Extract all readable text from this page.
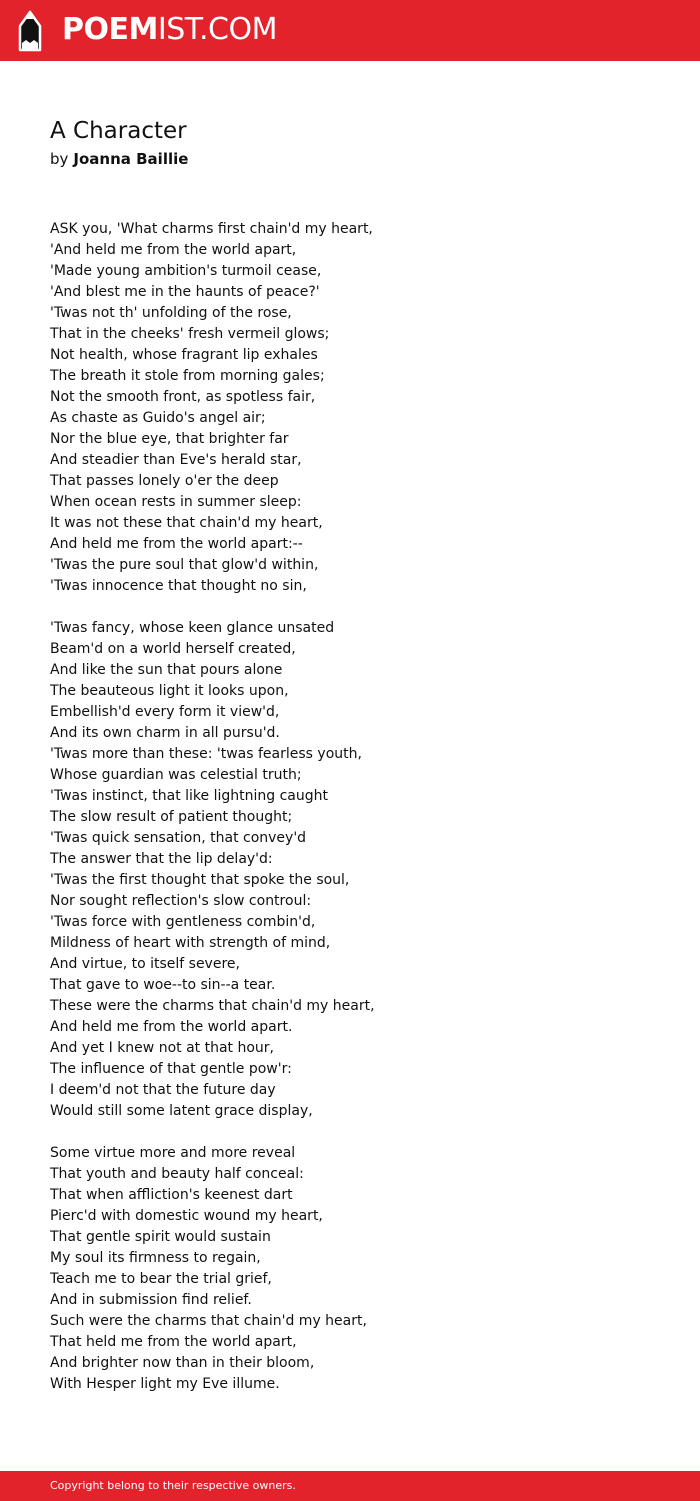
POEMIST.COM
A Character
by Joanna Baillie
ASK you, 'What charms first chain'd my heart,
'And held me from the world apart,
'Made young ambition's turmoil cease,
'And blest me in the haunts of peace?'
'Twas not th' unfolding of the rose,
That in the cheeks' fresh vermeil glows;
Not health, whose fragrant lip exhales
The breath it stole from morning gales;
Not the smooth front, as spotless fair,
As chaste as Guido's angel air;
Nor the blue eye, that brighter far
And steadier than Eve's herald star,
That passes lonely o'er the deep
When ocean rests in summer sleep:
It was not these that chain'd my heart,
And held me from the world apart:--
'Twas the pure soul that glow'd within,
'Twas innocence that thought no sin,
'Twas fancy, whose keen glance unsated
Beam'd on a world herself created,
And like the sun that pours alone
The beauteous light it looks upon,
Embellish'd every form it view'd,
And its own charm in all pursu'd.
'Twas more than these: 'twas fearless youth,
Whose guardian was celestial truth;
'Twas instinct, that like lightning caught
The slow result of patient thought;
'Twas quick sensation, that convey'd
The answer that the lip delay'd:
'Twas the first thought that spoke the soul,
Nor sought reflection's slow controul:
'Twas force with gentleness combin'd,
Mildness of heart with strength of mind,
And virtue, to itself severe,
That gave to woe--to sin--a tear.
These were the charms that chain'd my heart,
And held me from the world apart.
And yet I knew not at that hour,
The influence of that gentle pow'r:
I deem'd not that the future day
Would still some latent grace display,
Some virtue more and more reveal
That youth and beauty half conceal:
That when affliction's keenest dart
Pierc'd with domestic wound my heart,
That gentle spirit would sustain
My soul its firmness to regain,
Teach me to bear the trial grief,
And in submission find relief.
Such were the charms that chain'd my heart,
That held me from the world apart,
And brighter now than in their bloom,
With Hesper light my Eve illume.
Copyright belong to their respective owners.
